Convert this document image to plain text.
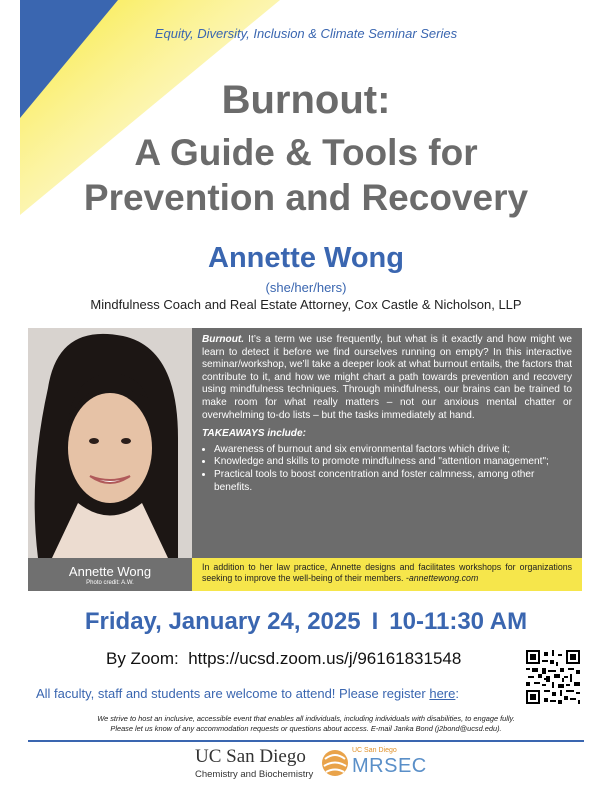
Equity, Diversity, Inclusion & Climate Seminar Series
Burnout:
A Guide & Tools for
Prevention and Recovery
Annette Wong
(she/her/hers)
Mindfulness Coach and Real Estate Attorney, Cox Castle & Nicholson, LLP
Annette Wong
Photo credit: A.W.

Burnout. It’s a term we use frequently, but what is it exactly and how might we learn to detect it before we find ourselves running on empty? In this interactive seminar/workshop, we’ll take a deeper look at what burnout entails, the factors that contribute to it, and how we might chart a path towards prevention and recovery using mindfulness techniques. Through mindfulness, our brains can be trained to make room for what really matters – not our anxious mental chatter or overwhelming to-do lists – but the tasks immediately at hand.

TAKEAWAYS include:
• Awareness of burnout and six environmental factors which drive it;
• Knowledge and skills to promote mindfulness and "attention management";
• Practical tools to boost concentration and foster calmness, among other benefits.
In addition to her law practice, Annette designs and facilitates workshops for organizations seeking to improve the well-being of their members. -annettewong.com
Friday, January 24, 2025 I 10-11:30 AM
By Zoom: https://ucsd.zoom.us/j/96161831548
All faculty, staff and students are welcome to attend! Please register here:
We strive to host an inclusive, accessible event that enables all individuals, including individuals with disabilities, to engage fully.
Please let us know of any accommodation requests or questions about access. E-mail Janka Bond (j2bond@ucsd.edu).
UC San Diego
Chemistry and Biochemistry
UC San Diego
MRSEC
